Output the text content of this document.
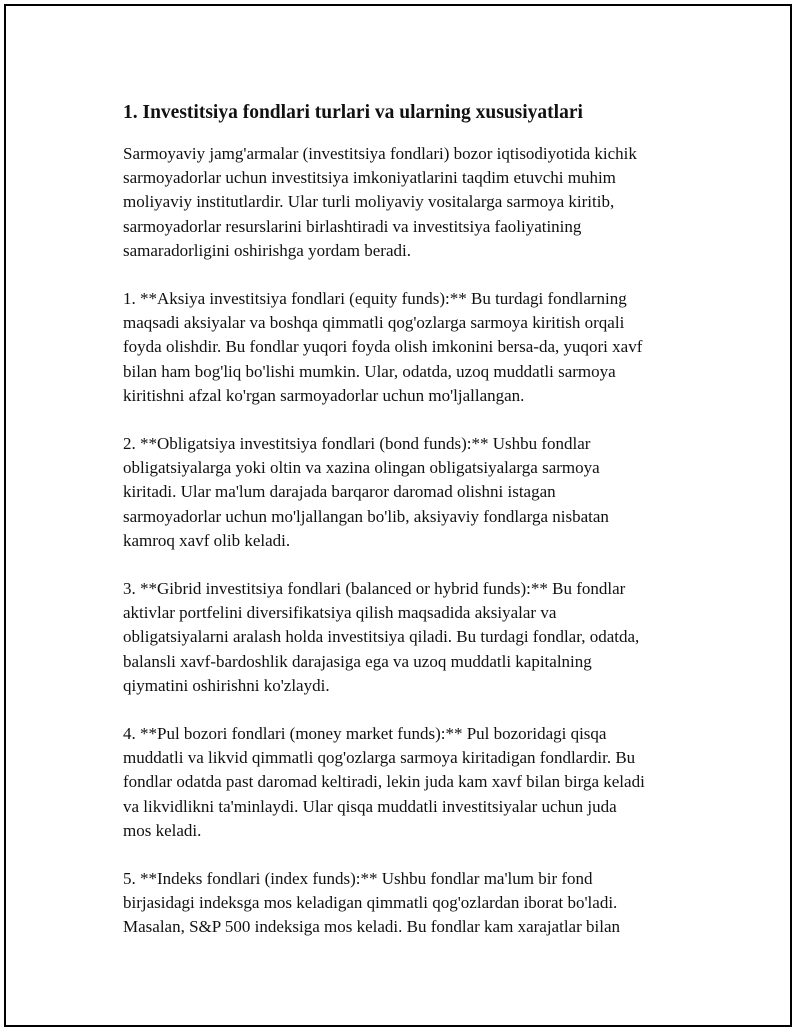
1. Investitsiya fondlari turlari va ularning xususiyatlari

Sarmoyaviy jamg'armalar (investitsiya fondlari) bozor iqtisodiyotida kichik
sarmoyadorlar uchun investitsiya imkoniyatlarini taqdim etuvchi muhim
moliyaviy institutlardir. Ular turli moliyaviy vositalarga sarmoya kiritib,
sarmoyadorlar resurslarini birlashtiradi va investitsiya faoliyatining
samaradorligini oshirishga yordam beradi.

1. **Aksiya investitsiya fondlari (equity funds):** Bu turdagi fondlarning
maqsadi aksiyalar va boshqa qimmatli qog'ozlarga sarmoya kiritish orqali
foyda olishdir. Bu fondlar yuqori foyda olish imkonini bersa-da, yuqori xavf
bilan ham bog'liq bo'lishi mumkin. Ular, odatda, uzoq muddatli sarmoya
kiritishni afzal ko'rgan sarmoyadorlar uchun mo'ljallangan.

2. **Obligatsiya investitsiya fondlari (bond funds):** Ushbu fondlar
obligatsiyalarga yoki oltin va xazina olingan obligatsiyalarga sarmoya
kiritadi. Ular ma'lum darajada barqaror daromad olishni istagan
sarmoyadorlar uchun mo'ljallangan bo'lib, aksiyaviy fondlarga nisbatan
kamroq xavf olib keladi.

3. **Gibrid investitsiya fondlari (balanced or hybrid funds):** Bu fondlar
aktivlar portfelini diversifikatsiya qilish maqsadida aksiyalar va
obligatsiyalarni aralash holda investitsiya qiladi. Bu turdagi fondlar, odatda,
balansli xavf-bardoshlik darajasiga ega va uzoq muddatli kapitalning
qiymatini oshirishni ko'zlaydi.

4. **Pul bozori fondlari (money market funds):** Pul bozoridagi qisqa
muddatli va likvid qimmatli qog'ozlarga sarmoya kiritadigan fondlardir. Bu
fondlar odatda past daromad keltiradi, lekin juda kam xavf bilan birga keladi
va likvidlikni ta'minlaydi. Ular qisqa muddatli investitsiyalar uchun juda
mos keladi.

5. **Indeks fondlari (index funds):** Ushbu fondlar ma'lum bir fond
birjasidagi indeksga mos keladigan qimmatli qog'ozlardan iborat bo'ladi.
Masalan, S&P 500 indeksiga mos keladi. Bu fondlar kam xarajatlar bilan
